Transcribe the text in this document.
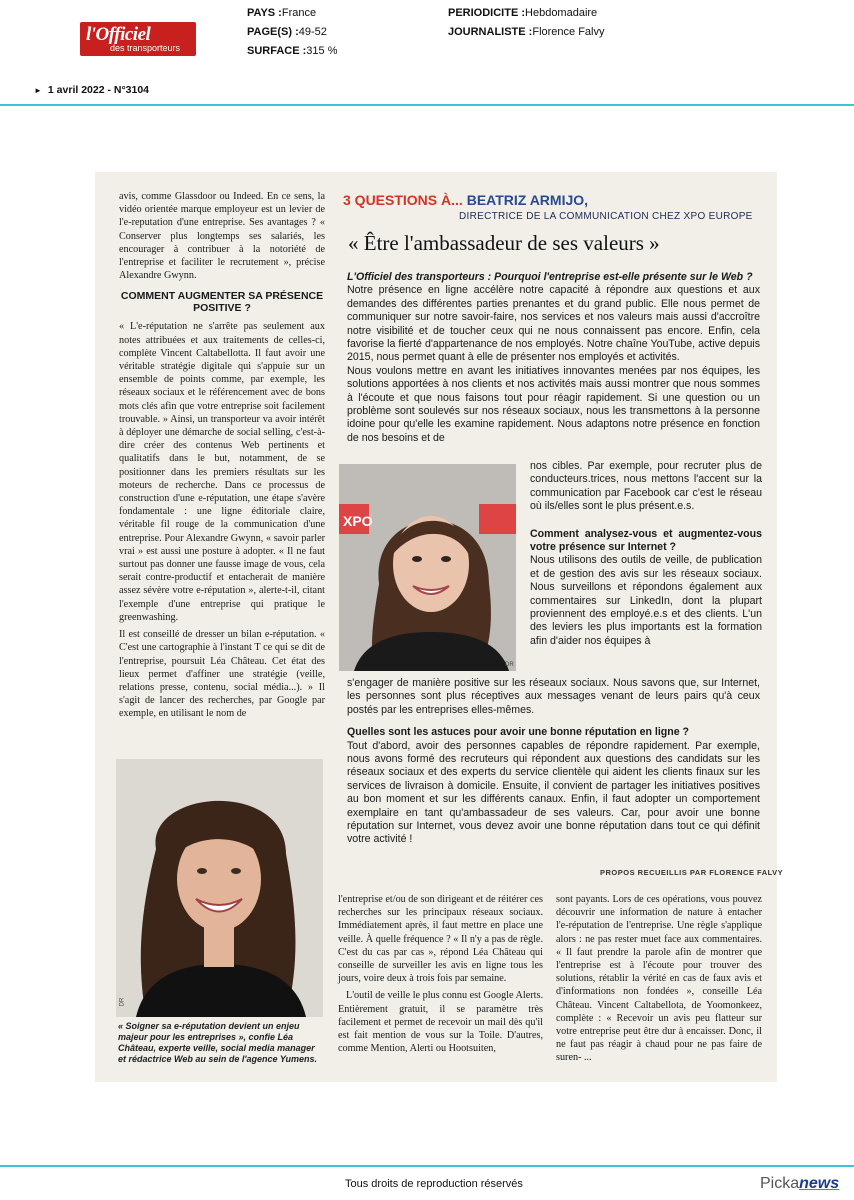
l'Officiel
des transporteurs
PAYS :France
PAGE(S) :49-52
SURFACE :315 %
PERIODICITE :Hebdomadaire
JOURNALISTE :Florence Falvy
► 1 avril 2022 - N°3104

avis, comme Glassdoor ou Indeed. En ce sens, la vidéo orientée marque employeur est un levier de l'e-reputation d'une entreprise. Ses avantages ? « Conserver plus longtemps ses salariés, les encourager à contribuer à la notoriété de l'entreprise et faciliter le recrutement », précise Alexandre Gwynn.

COMMENT AUGMENTER SA PRÉSENCE POSITIVE ?

« L'e-réputation ne s'arrête pas seulement aux notes attribuées et aux traitements de celles-ci, complète Vincent Caltabellotta. Il faut avoir une véritable stratégie digitale qui s'appuie sur un ensemble de points comme, par exemple, les réseaux sociaux et le référencement avec de bons mots clés afin que votre entreprise soit facilement trouvable. » Ainsi, un transporteur va avoir intérêt à déployer une démarche de social selling, c'est-à-dire créer des contenus Web pertinents et qualitatifs dans le but, notamment, de se positionner dans les premiers résultats sur les moteurs de recherche. Dans ce processus de construction d'une e-réputation, une étape s'avère fondamentale : une ligne éditoriale claire, véritable fil rouge de la communication d'une entreprise. Pour Alexandre Gwynn, « savoir parler vrai » est aussi une posture à adopter. « Il ne faut surtout pas donner une fausse image de vous, cela serait contre-productif et entacherait de manière assez sévère votre e-réputation », alerte-t-il, citant l'exemple d'une entreprise qui pratique le greenwashing.

Il est conseillé de dresser un bilan e-réputation. « C'est une cartographie à l'instant T ce qui se dit de l'entreprise, poursuit Léa Château. Cet état des lieux permet d'affiner une stratégie (veille, relations presse, contenu, social média...). » Il s'agit de lancer des recherches, par Google par exemple, en utilisant le nom de

DR
« Soigner sa e-réputation devient un enjeu majeur pour les entreprises », confie Léa Château, experte veille, social media manager et rédactrice Web au sein de l'agence Yumens.
3 QUESTIONS À... BEATRIZ ARMIJO,
DIRECTRICE DE LA COMMUNICATION CHEZ XPO EUROPE
« Être l'ambassadeur de ses valeurs »

L'Officiel des transporteurs : Pourquoi l'entreprise est-elle présente sur le Web ?

Notre présence en ligne accélère notre capacité à répondre aux questions et aux demandes des différentes parties prenantes et du grand public. Elle nous permet de communiquer sur notre savoir-faire, nos services et nos valeurs mais aussi d'accroître notre visibilité et de toucher ceux qui ne nous connaissent pas encore. Enfin, cela favorise la fierté d'appartenance de nos employés. Notre chaîne YouTube, active depuis 2015, nous permet quant à elle de présenter nos employés et activités.

Nous voulons mettre en avant les initiatives innovantes menées par nos équipes, les solutions apportées à nos clients et nos activités mais aussi montrer que nous sommes à l'écoute et que nous faisons tout pour réagir rapidement. Si une question ou un problème sont soulevés sur nos réseaux sociaux, nous les transmettons à la personne idoine pour qu'elle les examine rapidement. Nous adaptons notre présence en fonction de nos besoins et de

XPO
DR

nos cibles. Par exemple, pour recruter plus de conducteurs.trices, nous mettons l'accent sur la communication par Facebook car c'est le réseau où ils/elles sont le plus présent.e.s.

Comment analysez-vous et augmentez-vous votre présence sur Internet ?

Nous utilisons des outils de veille, de publication et de gestion des avis sur les réseaux sociaux. Nous surveillons et répondons également aux commentaires sur LinkedIn, dont la plupart proviennent des employé.e.s et des clients. L'un des leviers les plus importants est la formation afin d'aider nos équipes à

s'engager de manière positive sur les réseaux sociaux. Nous savons que, sur Internet, les personnes sont plus réceptives aux messages venant de leurs pairs qu'à ceux postés par les entreprises elles-mêmes.

Quelles sont les astuces pour avoir une bonne réputation en ligne ?

Tout d'abord, avoir des personnes capables de répondre rapidement. Par exemple, nous avons formé des recruteurs qui répondent aux questions des candidats sur les réseaux sociaux et des experts du service clientèle qui aident les clients finaux sur les services de livraison à domicile. Ensuite, il convient de partager les initiatives positives au bon moment et sur les différents canaux. Enfin, il faut adopter un comportement exemplaire en tant qu'ambassadeur de ses valeurs. Car, pour avoir une bonne réputation sur Internet, vous devez avoir une bonne réputation dans tout ce qui définit votre activité !

PROPOS RECUEILLIS PAR FLORENCE FALVY

l'entreprise et/ou de son dirigeant et de réitérer ces recherches sur les principaux réseaux sociaux. Immédiatement après, il faut mettre en place une veille. À quelle fréquence ? « Il n'y a pas de règle. C'est du cas par cas », répond Léa Château qui conseille de surveiller les avis en ligne tous les jours, voire deux à trois fois par semaine.

L'outil de veille le plus connu est Google Alerts. Entièrement gratuit, il se paramètre très facilement et permet de recevoir un mail dès qu'il est fait mention de vous sur la Toile. D'autres, comme Mention, Alerti ou Hootsuiten,

sont payants. Lors de ces opérations, vous pouvez découvrir une information de nature à entacher l'e-réputation de l'entreprise. Une règle s'applique alors : ne pas rester muet face aux commentaires. « Il faut prendre la parole afin de montrer que l'entreprise est à l'écoute pour trouver des solutions, rétablir la vérité en cas de faux avis et d'informations non fondées », conseille Léa Château. Vincent Caltabellota, de Yoomonkeez, complète : « Recevoir un avis peu flatteur sur votre entreprise peut être dur à encaisser. Donc, il ne faut pas réagir à chaud pour ne pas faire de suren- ...

Tous droits de reproduction réservés	Pickanews
